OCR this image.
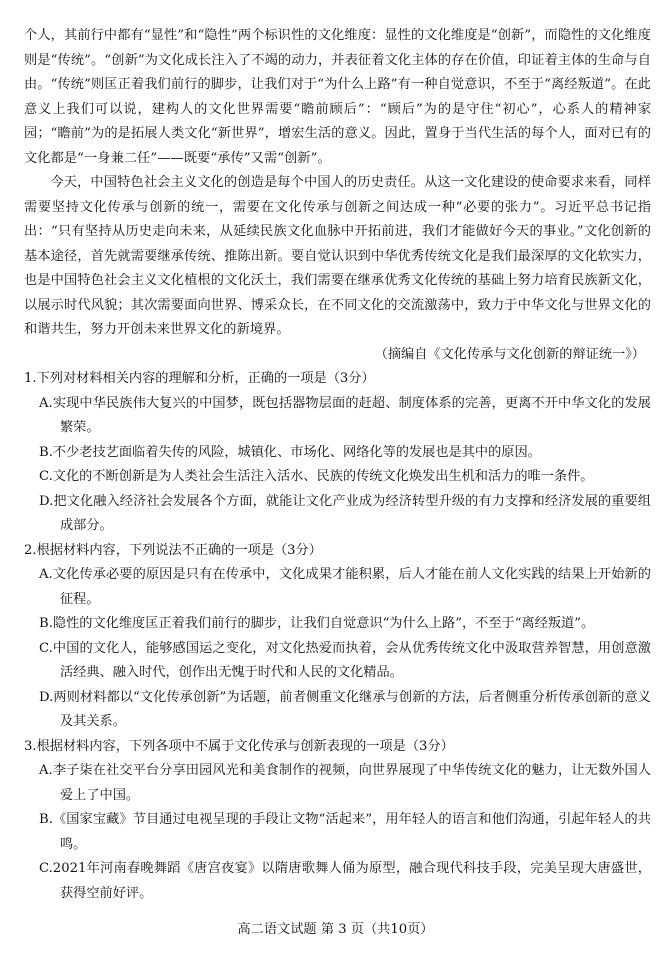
个人，其前行中都有“显性”和“隐性”两个标识性的文化维度：显性的文化维度是“创新”，而隐性的文化维度则是“传统”。“创新”为文化成长注入了不竭的动力，并表征着文化主体的存在价值，印证着主体的生命与自由。“传统”则匡正着我们前行的脚步，让我们对于“为什么上路”有一种自觉意识，不至于“离经叛道”。在此意义上我们可以说，建构人的文化世界需要“瞻前顾后”：“顾后”为的是守住“初心”，心系人的精神家园；“瞻前”为的是拓展人类文化“新世界”，增宏生活的意义。因此，置身于当代生活的每个人，面对已有的文化都是“一身兼二任”——既要“承传”又需“创新”。

今天，中国特色社会主义文化的创造是每个中国人的历史责任。从这一文化建设的使命要求来看，同样需要坚持文化传承与创新的统一，需要在文化传承与创新之间达成一种“必要的张力”。习近平总书记指出：“只有坚持从历史走向未来，从延续民族文化血脉中开拓前进，我们才能做好今天的事业。”文化创新的基本途径，首先就需要继承传统、推陈出新。要自觉认识到中华优秀传统文化是我们最深厚的文化软实力，也是中国特色社会主义文化植根的文化沃土，我们需要在继承优秀文化传统的基础上努力培育民族新文化，以展示时代风貌；其次需要面向世界、博采众长，在不同文化的交流激荡中，致力于中华文化与世界文化的和谐共生，努力开创未来世界文化的新境界。

（摘编自《文化传承与文化创新的辩证统一》）

1.下列对材料相关内容的理解和分析，正确的一项是（3分）

A.实现中华民族伟大复兴的中国梦，既包括器物层面的赶超、制度体系的完善，更离不开中华文化的发展繁荣。

B.不少老技艺面临着失传的风险，城镇化、市场化、网络化等的发展也是其中的原因。

C.文化的不断创新是为人类社会生活注入活水、民族的传统文化焕发出生机和活力的唯一条件。

D.把文化融入经济社会发展各个方面，就能让文化产业成为经济转型升级的有力支撑和经济发展的重要组成部分。

2.根据材料内容，下列说法不正确的一项是（3分）

A.文化传承必要的原因是只有在传承中，文化成果才能积累，后人才能在前人文化实践的结果上开始新的征程。

B.隐性的文化维度匡正着我们前行的脚步，让我们自觉意识“为什么上路”，不至于“离经叛道”。

C.中国的文化人，能够感国运之变化，对文化热爱而执着，会从优秀传统文化中汲取营养智慧，用创意激活经典、融入时代，创作出无愧于时代和人民的文化精品。

D.两则材料都以“文化传承创新”为话题，前者侧重文化继承与创新的方法，后者侧重分析传承创新的意义及其关系。

3.根据材料内容，下列各项中不属于文化传承与创新表现的一项是（3分）

A.李子柒在社交平台分享田园风光和美食制作的视频，向世界展现了中华传统文化的魅力，让无数外国人爱上了中国。

B.《国家宝藏》节目通过电视呈现的手段让文物“活起来”，用年轻人的语言和他们沟通，引起年轻人的共鸣。

C.2021年河南春晚舞蹈《唐宫夜宴》以隋唐歌舞人俑为原型，融合现代科技手段，完美呈现大唐盛世，获得空前好评。

高二语文试题 第 3 页（共10页）
